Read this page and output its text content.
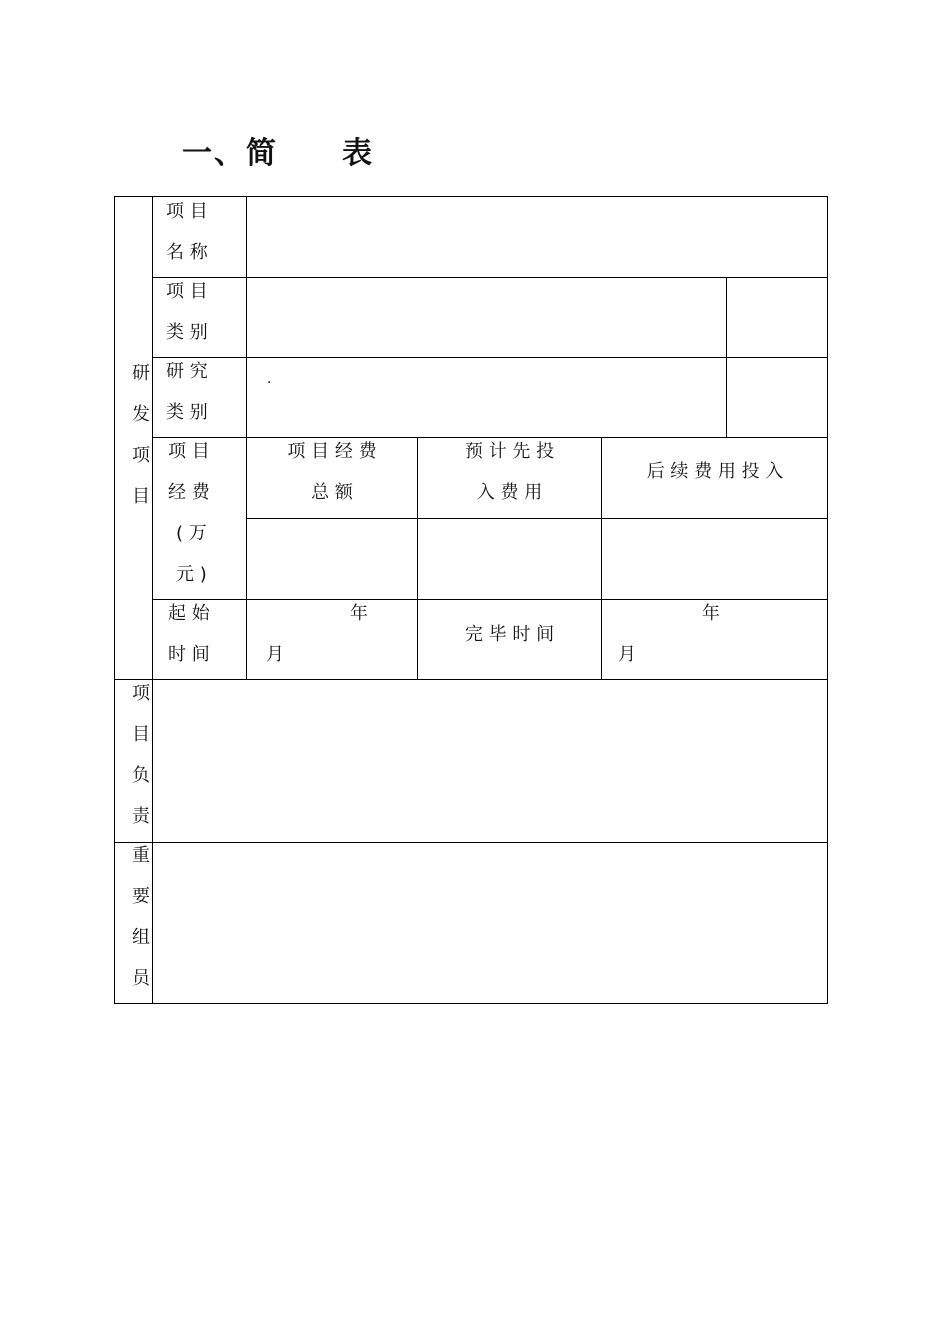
一、简　　表
研
发
项
目
项
目
负
责
重
要
组
员
项 目
名 称
项 目
类 别
研 究
类 别
·
项 目
经 费
( 万
元 )
项 目 经 费
总 额
预 计 先 投
入 费 用
后 续 费 用 投 入
起 始
时 间
年
月
完 毕 时 间
年
月
